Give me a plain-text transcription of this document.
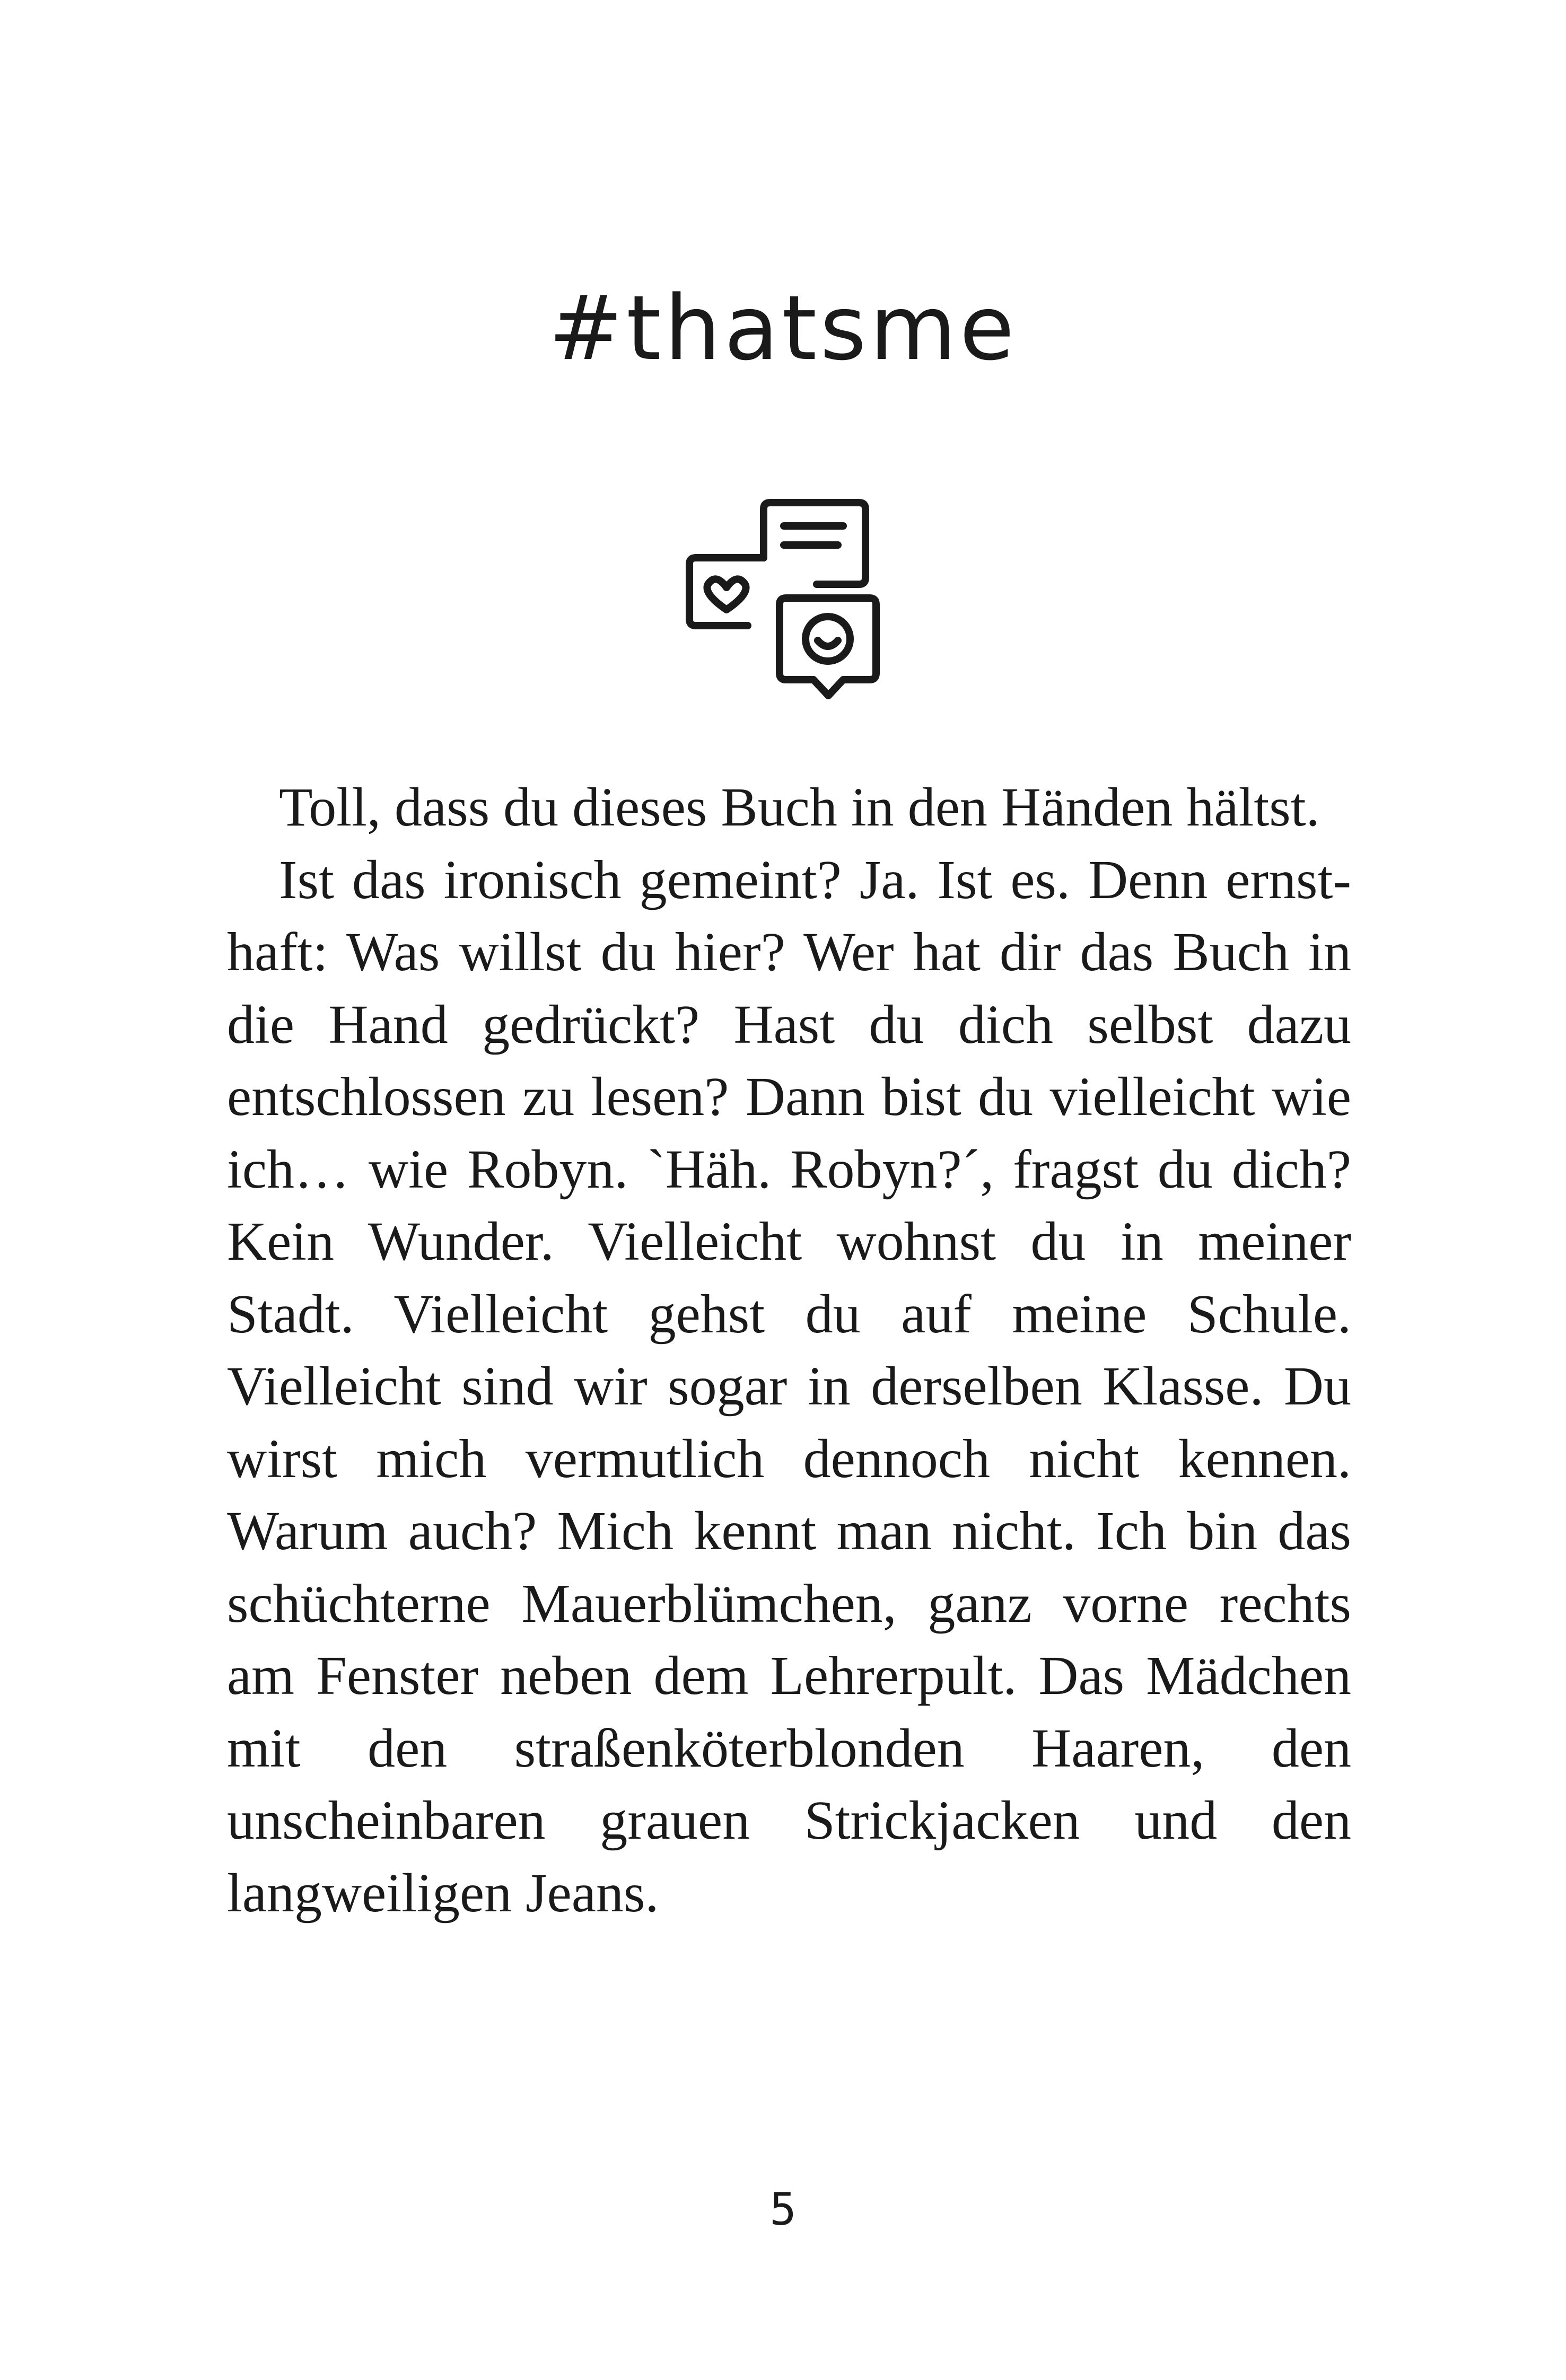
#thatsme

Toll, dass du dieses Buch in den Händen hältst.

Ist das ironisch gemeint? Ja. Ist es. Denn ernsthaft: Was willst du hier? Wer hat dir das Buch in die Hand gedrückt? Hast du dich selbst dazu entschlossen zu lesen? Dann bist du vielleicht wie ich… wie Robyn. `Häh. Robyn?´, fragst du dich? Kein Wunder. Vielleicht wohnst du in meiner Stadt. Vielleicht gehst du auf meine Schule. Vielleicht sind wir sogar in derselben Klasse. Du wirst mich vermutlich dennoch nicht kennen. Warum auch? Mich kennt man nicht. Ich bin das schüchterne Mauerblümchen, ganz vorne rechts am Fenster neben dem Lehrerpult. Das Mädchen mit den straßenköterblonden Haaren, den unscheinbaren grauen Strickjacken und den langweiligen Jeans.

5
